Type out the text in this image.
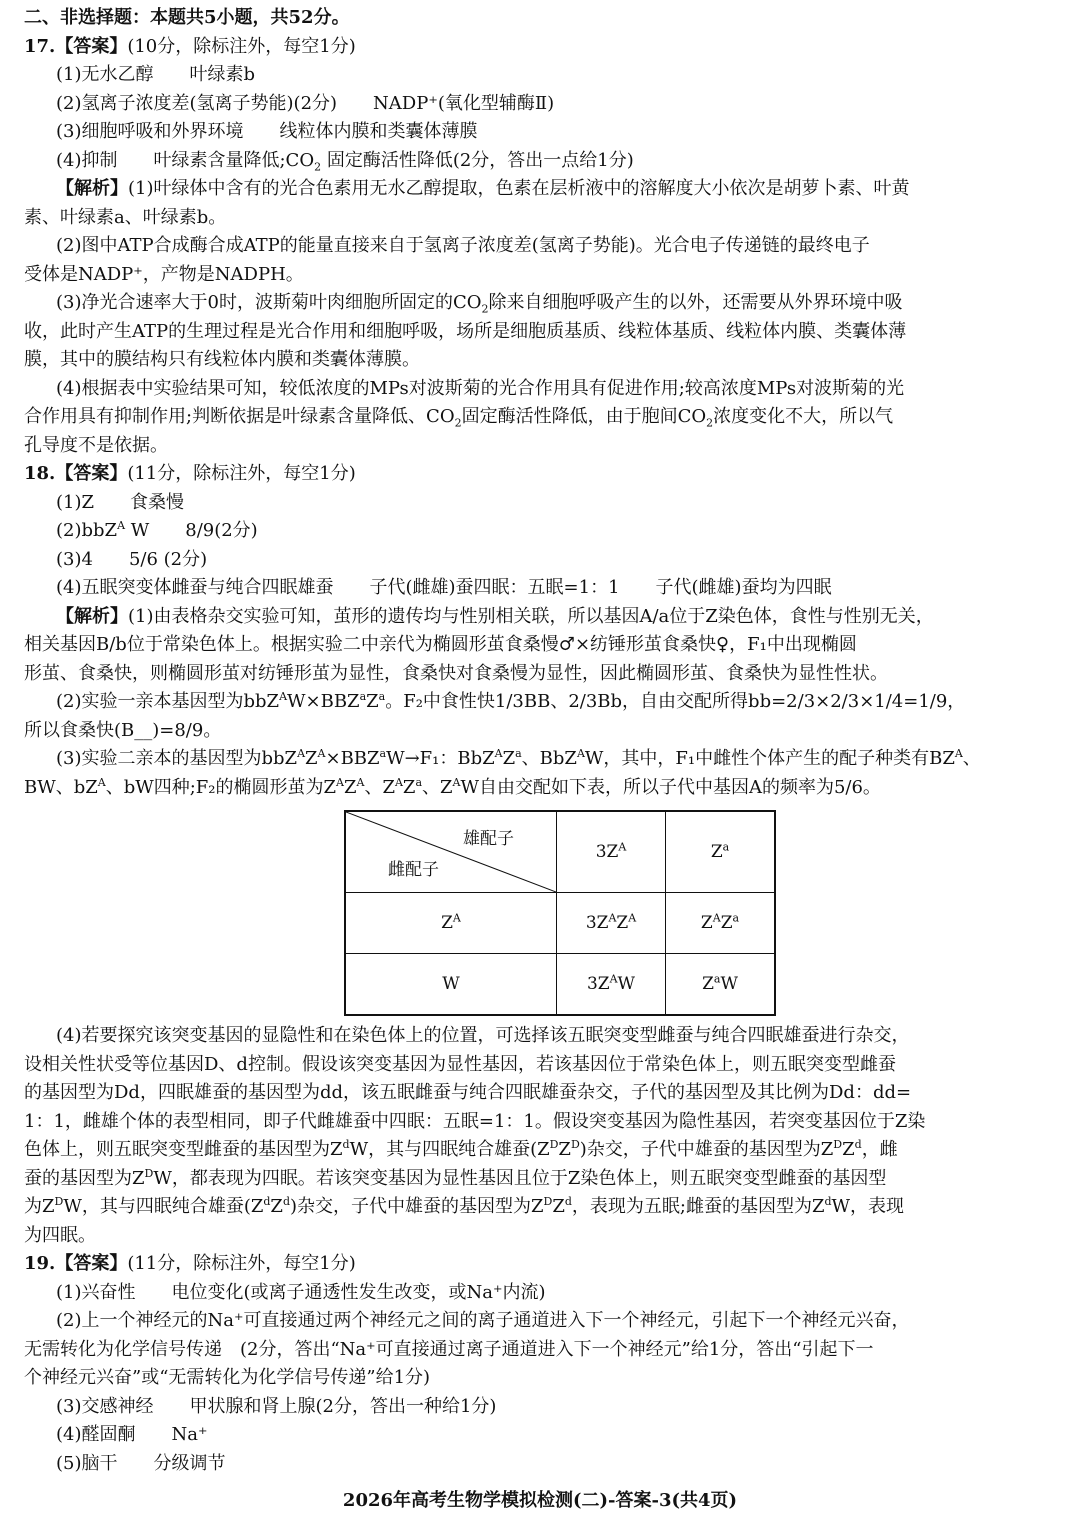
二、非选择题：本题共5小题，共52分。
17.【答案】(10分，除标注外，每空1分)
(1)无水乙醇　　叶绿素b
(2)氢离子浓度差(氢离子势能)(2分)　　NADP⁺(氧化型辅酶Ⅱ)
(3)细胞呼吸和外界环境　　线粒体内膜和类囊体薄膜
(4)抑制　　叶绿素含量降低$;CO_2$ 固定酶活性降低(2分，答出一点给1分)
【解析】(1)叶绿体中含有的光合色素用无水乙醇提取，色素在层析液中的溶解度大小依次是胡萝卜素、叶黄
素、叶绿素a、叶绿素b。
(2)图中ATP合成酶合成ATP的能量直接来自于氢离子浓度差(氢离子势能)。光合电子传递链的最终电子
受体是NADP⁺，产物是NADPH。
(3)净光合速率大于0时，波斯菊叶肉细胞所固定的$CO_2$除来自细胞呼吸产生的以外，还需要从外界环境中吸
收，此时产生ATP的生理过程是光合作用和细胞呼吸，场所是细胞质基质、线粒体基质、线粒体内膜、类囊体薄
膜，其中的膜结构只有线粒体内膜和类囊体薄膜。
(4)根据表中实验结果可知，较低浓度的MPs对波斯菊的光合作用具有促进作用;较高浓度MPs对波斯菊的光
合作用具有抑制作用;判断依据是叶绿素含量降低、$CO_2$固定酶活性降低，由于胞间$CO_2$浓度变化不大，所以气
孔导度不是依据。
18.【答案】(11分，除标注外，每空1分)
(1)Z　　食桑慢
(2)bbZ$^A$ W　　8/9(2分)
(3)4　　5/6 (2分)
(4)五眠突变体雌蚕与纯合四眠雄蚕　　子代(雌雄)蚕四眠：五眠=1：1　　子代(雌雄)蚕均为四眠
【解析】(1)由表格杂交实验可知，茧形的遗传均与性别相关联，所以基因A/a位于Z染色体，食性与性别无关，
相关基因B/b位于常染色体上。根据实验二中亲代为椭圆形茧食桑慢♂×纺锤形茧食桑快♀，F₁中出现椭圆
形茧、食桑快，则椭圆形茧对纺锤形茧为显性，食桑快对食桑慢为显性，因此椭圆形茧、食桑快为显性性状。
(2)实验一亲本基因型为$bbZ^AW\times BBZ^aZ^a$。F₂中食性快1/3BB、2/3Bb，自由交配所得bb=2/3×2/3×1/4=1/9，
所以食桑快(B__)=8/9。
(3)实验二亲本的基因型为$bbZ^AZ^A\times BBZ^aW\to F_1$：$BbZ^AZ^a$、BbZ$^A$W，其中，F₁中雌性个体产生的配子种类有$BZ^A$、
BW、$bZ^A$、bW四种;F₂的椭圆形茧为$Z^AZ^A$、$Z^AZ^a$、$Z^AW$自由交配如下表，所以子代中基因A的频率为5/6。
雄配子
雌配子	$3Z^A$	$Z^a$
$Z^A$	$3Z^AZ^A$	$Z^AZ^a$
W	$3Z^AW$	$Z^aW$
(4)若要探究该突变基因的显隐性和在染色体上的位置，可选择该五眠突变型雌蚕与纯合四眠雄蚕进行杂交，
设相关性状受等位基因D、d控制。假设该突变基因为显性基因，若该基因位于常染色体上，则五眠突变型雌蚕
的基因型为Dd，四眠雄蚕的基因型为dd，该五眠雌蚕与纯合四眠雄蚕杂交，子代的基因型及其比例为Dd：dd=
1：1，雌雄个体的表型相同，即子代雌雄蚕中四眠：五眠=1：1。假设突变基因为隐性基因，若突变基因位于Z染
色体上，则五眠突变型雌蚕的基因型为$Z^dW$，其与四眠纯合雄蚕$(Z^DZ^D)$杂交，子代中雄蚕的基因型为$Z^DZ^d$，雌
蚕的基因型为$Z^DW$，都表现为四眠。若该突变基因为显性基因且位于Z染色体上，则五眠突变型雌蚕的基因型
为$Z^DW$，其与四眠纯合雄蚕$(Z^dZ^d)$杂交，子代中雄蚕的基因型为$Z^DZ^d$，表现为五眠;雌蚕的基因型为$Z^dW$，表现
为四眠。
19.【答案】(11分，除标注外，每空1分)
(1)兴奋性　　电位变化(或离子通透性发生改变，或Na⁺内流)
(2)上一个神经元的Na⁺可直接通过两个神经元之间的离子通道进入下一个神经元，引起下一个神经元兴奋，
无需转化为化学信号传递　(2分，答出“Na⁺可直接通过离子通道进入下一个神经元”给1分，答出“引起下一
个神经元兴奋”或“无需转化为化学信号传递”给1分)
(3)交感神经　　甲状腺和肾上腺(2分，答出一种给1分)
(4)醛固酮　　Na⁺
(5)脑干　　分级调节
2026年高考生物学模拟检测(二)-答案-3(共4页)
